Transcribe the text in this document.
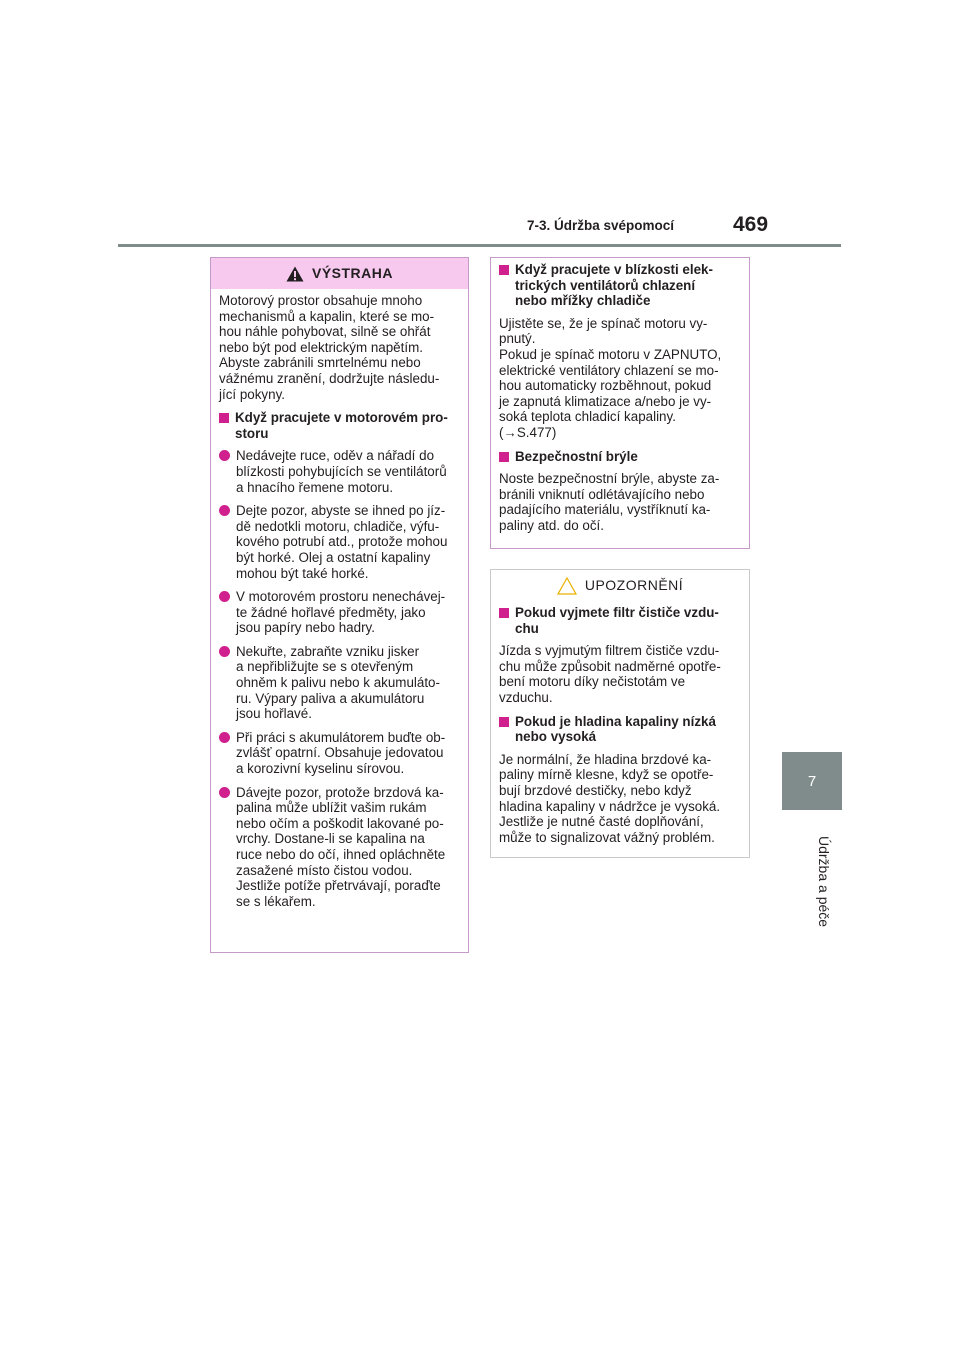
7-3. Údržba svépomocí	469
7
Údržba a péče
VÝSTRAHA

Motorový prostor obsahuje mnoho
mechanismů a kapalin, které se mo-
hou náhle pohybovat, silně se ohřát
nebo být pod elektrickým napětím.
Abyste zabránili smrtelnému nebo
vážnému zranění, dodržujte následu-
jící pokyny.

Když pracujete v motorovém pro-
storu
Nedávejte ruce, oděv a nářadí do
blízkosti pohybujících se ventilátorů
a hnacího řemene motoru.
Dejte pozor, abyste se ihned po jíz-
dě nedotkli motoru, chladiče, výfu-
kového potrubí atd., protože mohou
být horké. Olej a ostatní kapaliny
mohou být také horké.
V motorovém prostoru nenechávej-
te žádné hořlavé předměty, jako
jsou papíry nebo hadry.
Nekuřte, zabraňte vzniku jisker
a nepřibližujte se s otevřeným
ohněm k palivu nebo k akumuláto-
ru. Výpary paliva a akumulátoru
jsou hořlavé.
Při práci s akumulátorem buďte ob-
zvlášť opatrní. Obsahuje jedovatou
a korozivní kyselinu sírovou.
Dávejte pozor, protože brzdová ka-
palina může ublížit vašim rukám
nebo očím a poškodit lakované po-
vrchy. Dostane-li se kapalina na
ruce nebo do očí, ihned opláchněte
zasažené místo čistou vodou.
Jestliže potíže přetrvávají, poraďte
se s lékařem.
Když pracujete v blízkosti elek-
trických ventilátorů chlazení
nebo mřížky chladiče

Ujistěte se, že je spínač motoru vy-
pnutý.
Pokud je spínač motoru v ZAPNUTO,
elektrické ventilátory chlazení se mo-
hou automaticky rozběhnout, pokud
je zapnutá klimatizace a/nebo je vy-
soká teplota chladicí kapaliny.
(→S.477)

Bezpečnostní brýle

Noste bezpečnostní brýle, abyste za-
bránili vniknutí odlétávajícího nebo
padajícího materiálu, vystříknutí ka-
paliny atd. do očí.

UPOZORNĚNÍ
Pokud vyjmete filtr čističe vzdu-
chu

Jízda s vyjmutým filtrem čističe vzdu-
chu může způsobit nadměrné opotře-
bení motoru díky nečistotám ve
vzduchu.

Pokud je hladina kapaliny nízká
nebo vysoká

Je normální, že hladina brzdové ka-
paliny mírně klesne, když se opotře-
bují brzdové destičky, nebo když
hladina kapaliny v nádržce je vysoká.
Jestliže je nutné časté doplňování,
může to signalizovat vážný problém.
